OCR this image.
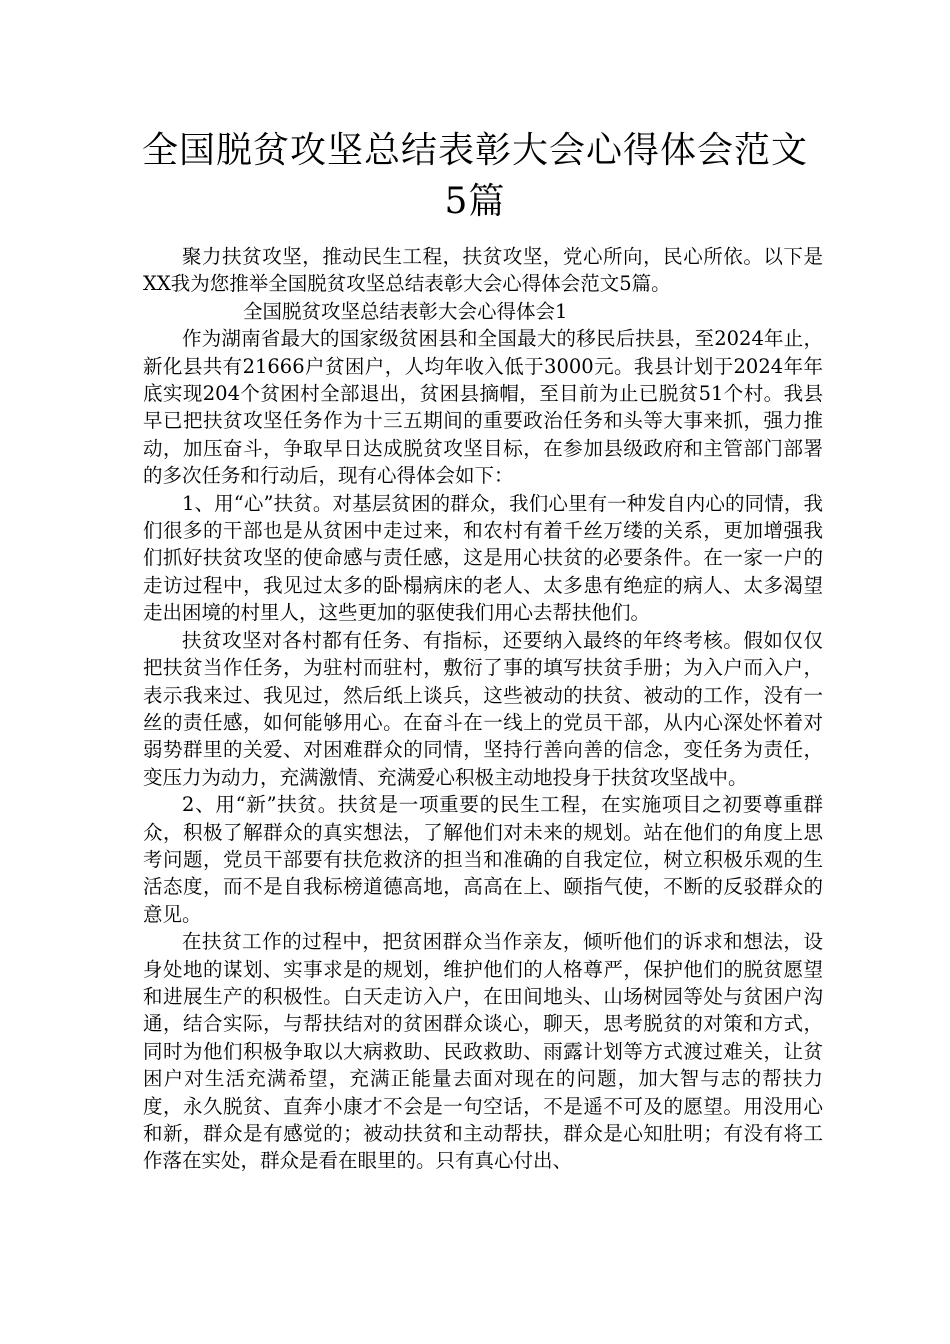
全国脱贫攻坚总结表彰大会心得体会范文5篇

聚力扶贫攻坚，推动民生工程，扶贫攻坚，党心所向，民心所依。以下是XX我为您推举全国脱贫攻坚总结表彰大会心得体会范文5篇。

全国脱贫攻坚总结表彰大会心得体会1

作为湖南省最大的国家级贫困县和全国最大的移民后扶县，至2024年止，新化县共有21666户贫困户，人均年收入低于3000元。我县计划于2024年年底实现204个贫困村全部退出，贫困县摘帽，至目前为止已脱贫51个村。我县早已把扶贫攻坚任务作为十三五期间的重要政治任务和头等大事来抓，强力推动，加压奋斗，争取早日达成脱贫攻坚目标，在参加县级政府和主管部门部署的多次任务和行动后，现有心得体会如下：

1、用“心”扶贫。对基层贫困的群众，我们心里有一种发自内心的同情，我们很多的干部也是从贫困中走过来，和农村有着千丝万缕的关系，更加增强我们抓好扶贫攻坚的使命感与责任感，这是用心扶贫的必要条件。在一家一户的走访过程中，我见过太多的卧榻病床的老人、太多患有绝症的病人、太多渴望走出困境的村里人，这些更加的驱使我们用心去帮扶他们。

扶贫攻坚对各村都有任务、有指标，还要纳入最终的年终考核。假如仅仅把扶贫当作任务，为驻村而驻村，敷衍了事的填写扶贫手册；为入户而入户，表示我来过、我见过，然后纸上谈兵，这些被动的扶贫、被动的工作，没有一丝的责任感，如何能够用心。在奋斗在一线上的党员干部，从内心深处怀着对弱势群里的关爱、对困难群众的同情，坚持行善向善的信念，变任务为责任，变压力为动力，充满激情、充满爱心积极主动地投身于扶贫攻坚战中。

2、用“新”扶贫。扶贫是一项重要的民生工程，在实施项目之初要尊重群众，积极了解群众的真实想法，了解他们对未来的规划。站在他们的角度上思考问题，党员干部要有扶危救济的担当和准确的自我定位，树立积极乐观的生活态度，而不是自我标榜道德高地，高高在上、颐指气使，不断的反驳群众的意见。

在扶贫工作的过程中，把贫困群众当作亲友，倾听他们的诉求和想法，设身处地的谋划、实事求是的规划，维护他们的人格尊严，保护他们的脱贫愿望和进展生产的积极性。白天走访入户，在田间地头、山场树园等处与贫困户沟通，结合实际，与帮扶结对的贫困群众谈心，聊天，思考脱贫的对策和方式，同时为他们积极争取以大病救助、民政救助、雨露计划等方式渡过难关，让贫困户对生活充满希望，充满正能量去面对现在的问题，加大智与志的帮扶力度，永久脱贫、直奔小康才不会是一句空话，不是遥不可及的愿望。用没用心和新，群众是有感觉的；被动扶贫和主动帮扶，群众是心知肚明；有没有将工作落在实处，群众是看在眼里的。只有真心付出、
